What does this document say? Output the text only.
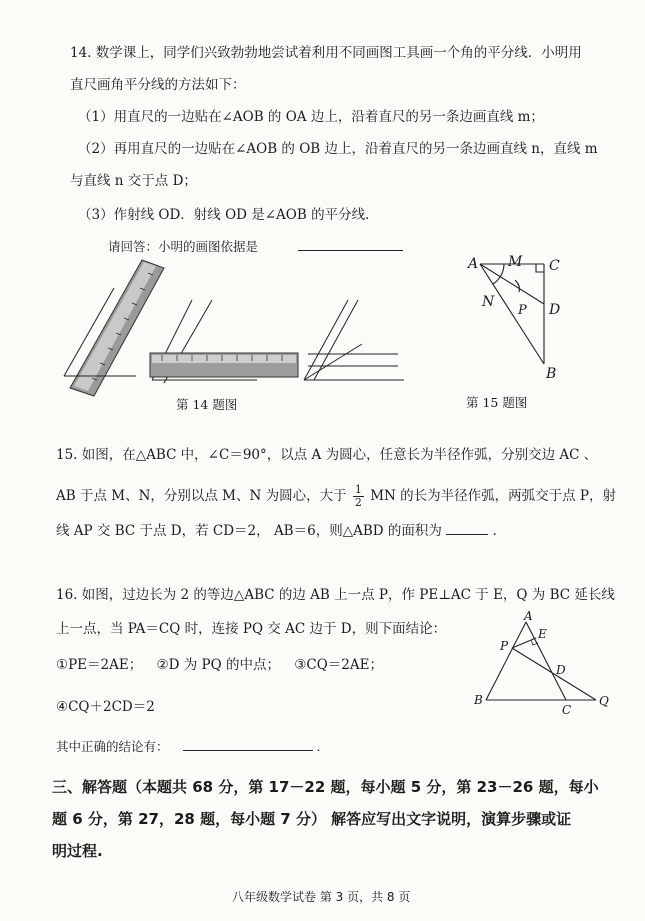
14. 数学课上，同学们兴致勃勃地尝试着利用不同画图工具画一个角的平分线．小明用
直尺画角平分线的方法如下：
（1）用直尺的一边贴在∠AOB 的 OA 边上，沿着直尺的另一条边画直线 m；
（2）再用直尺的一边贴在∠AOB 的 OB 边上，沿着直尺的另一条边画直线 n，直线 m
与直线 n 交于点 D；
（3）作射线 OD．射线 OD 是∠AOB 的平分线．
请回答：小明的画图依据是
第 14 题图
A M C
N
P D
B
第 15 题图
15. 如图，在△ABC 中，∠C＝90°，以点 A 为圆心，任意长为半径作弧，分别交边 AC 、
AB 于点 M、N，分别以点 M、N 为圆心，大于 $\frac{1}{2}$ MN 的长为半径作弧，两弧交于点 P，射
线 AP 交 BC 于点 D，若 CD＝2， AB＝6，则△ABD 的面积为	.
16. 如图，过边长为 2 的等边△ABC 的边 AB 上一点 P，作 PE⊥AC 于 E，Q 为 BC 延长线
上一点，当 PA＝CQ 时，连接 PQ 交 AC 边于 D，则下面结论：
①PE＝2AE； ②D 为 PQ 的中点； ③CQ＝2AE；
④CQ＋2CD＝2
其中正确的结论有：	.
A
E
P
D
B
C
Q
三、解答题（本题共 68 分，第 17－22 题，每小题 5 分，第 23－26 题，每小
题 6 分，第 27，28 题，每小题 7 分） 解答应写出文字说明，演算步骤或证
明过程.
八年级数学试卷 第 3 页，共 8 页
